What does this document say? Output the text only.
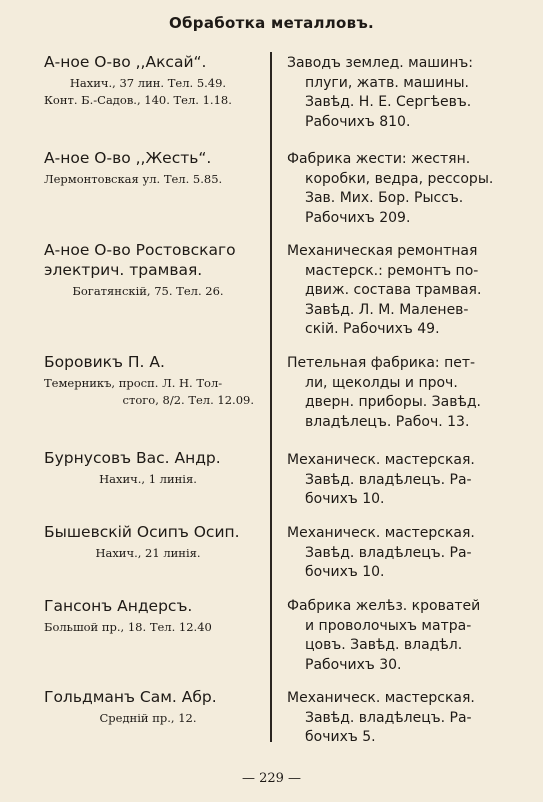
Обработка металловъ.
А-ное О-во ,,Аксай“.
Нахич., 37 лин. Тел. 5.49.
Конт. Б.-Садов., 140. Тел. 1.18.
А-ное О-во ,,Жесть“.
Лермонтовская ул. Тел. 5.85.
А-ное О-во Ростовскаго
электрич. трамвая.
Богатянскій, 75. Тел. 26.
Боровикъ П. А.
Темерникъ, просп. Л. Н. Тол-
стого, 8/2. Тел. 12.09.
Бурнусовъ Вас. Андр.
Нахич., 1 линія.
Бышевскій Осипъ Осип.
Нахич., 21 линія.
Гансонъ Андерсъ.
Большой пр., 18. Тел. 12.40
Гольдманъ Сам. Абр.
Средній пр., 12.
Заводъ землед. машинъ:
плуги, жатв. машины.
Завѣд. Н. Е. Сергѣевъ.
Рабочихъ 810.
Фабрика жести: жестян.
коробки, ведра, рессоры.
Зав. Мих. Бор. Рыссъ.
Рабочихъ 209.
Механическая ремонтная
мастерск.: ремонтъ по-
движ. состава трамвая.
Завѣд. Л. М. Маленев-
скій. Рабочихъ 49.
Петельная фабрика: пет-
ли, щеколды и проч.
дверн. приборы. Завѣд.
владѣлецъ. Рабоч. 13.
Механическ. мастерская.
Завѣд. владѣлецъ. Ра-
бочихъ 10.
Механическ. мастерская.
Завѣд. владѣлецъ. Ра-
бочихъ 10.
Фабрика желѣз. кроватей
и проволочыхъ матра-
цовъ. Завѣд. владѣл.
Рабочихъ 30.
Механическ. мастерская.
Завѣд. владѣлецъ. Ра-
бочихъ 5.
— 229 —
